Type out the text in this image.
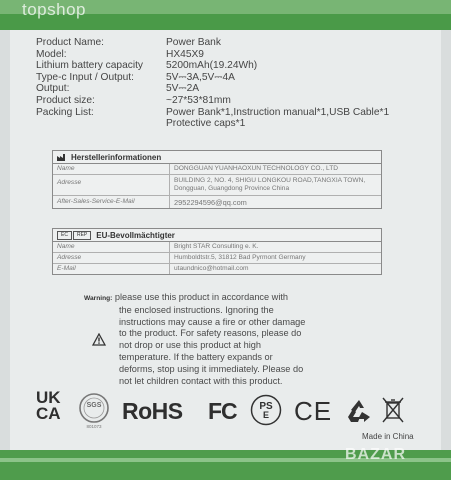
topshop
Product Name:	Power Bank
Model:	HX45X9
Lithium battery capacity	5200mAh(19.24Wh)
Type-c Input / Output:	5V⎓3A,5V⎓4A
Output:	5V⎓2A
Product size:	~27*53*81mm
Packing List:	Power Bank*1,Instruction manual*1,USB Cable*1
Protective caps*1
Herstellerinformationen
Name	DONGGUAN YUANHAOXUN TECHNOLOGY CO., LTD
Adresse	BUILDING 2, NO. 4, SHIGU LONGKOU ROAD,TANGXIA TOWN, Dongguan, Guangdong Province China
After-Sales-Service-E-Mail	2952294596@qq.com
EC	REP	EU-Bevollmächtigter
Name	Bright STAR Consulting e. K.
Adresse	Humboldtstr.5, 31812 Bad Pyrmont Germany
E-Mail	utaundnico@hotmail.com
Warning: please use this product in accordance with
the enclosed instructions. Ignoring the
instructions may cause a fire or other damage
to the product. For safety reasons, please do
not drop or use this product at high
temperature. If the battery expands or
deforms, stop using it immediately. Please do
not let children contact with this product.
UK
CA	SGS
801073
RoHS FC	PS
E CE
Made in China
BAZAR
